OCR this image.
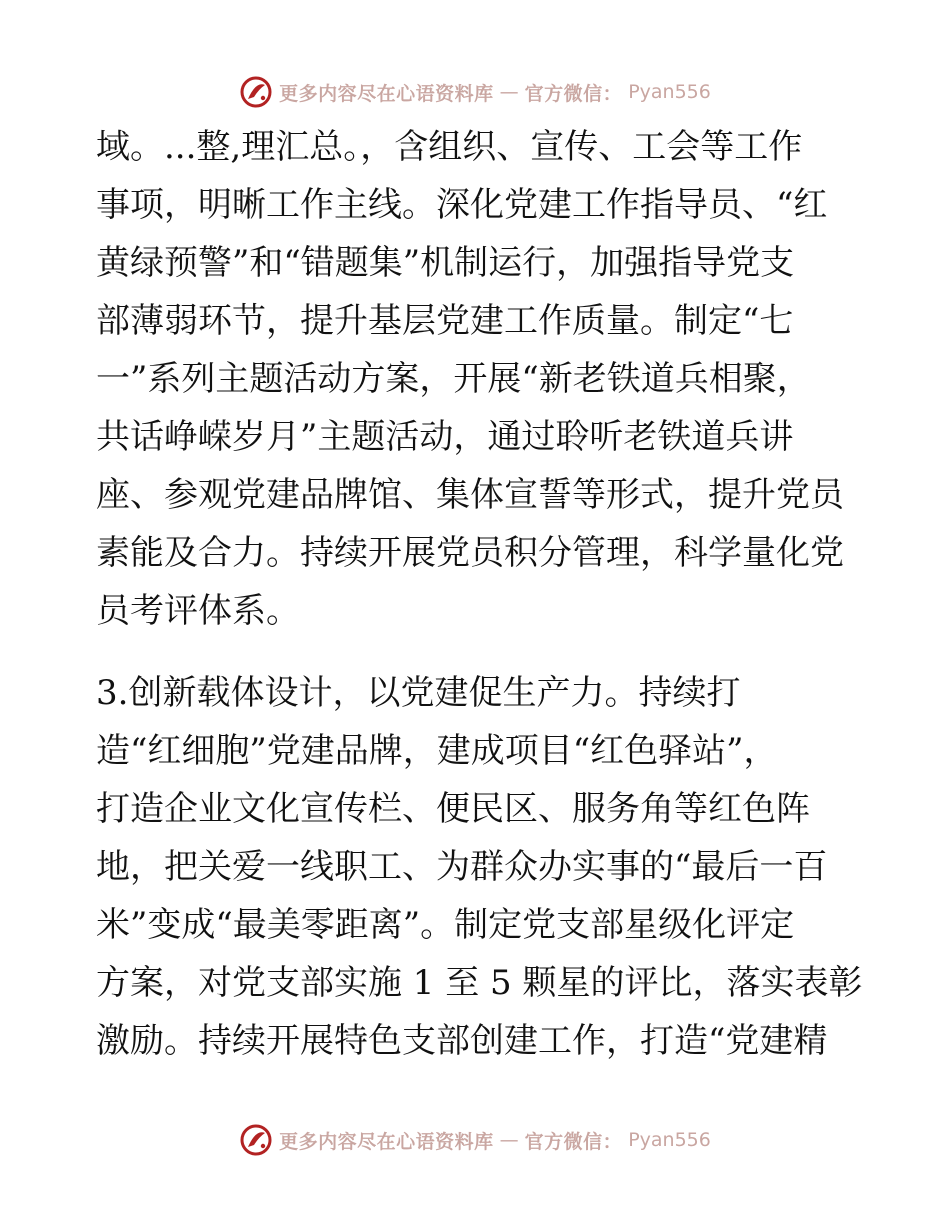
更多内容尽在心语资料库 — 官方微信： Pyan556
域。...整,理汇总。，含组织、宣传、工会等工作
事项，明晰工作主线。深化党建工作指导员、“红
黄绿预警”和“错题集”机制运行，加强指导党支
部薄弱环节，提升基层党建工作质量。制定“七
一”系列主题活动方案，开展“新老铁道兵相聚，
共话峥嵘岁月”主题活动，通过聆听老铁道兵讲
座、参观党建品牌馆、集体宣誓等形式，提升党员
素能及合力。持续开展党员积分管理，科学量化党
员考评体系。
3.创新载体设计，以党建促生产力。持续打
造“红细胞”党建品牌，建成项目“红色驿站”，
打造企业文化宣传栏、便民区、服务角等红色阵
地，把关爱一线职工、为群众办实事的“最后一百
米”变成“最美零距离”。制定党支部星级化评定
方案，对党支部实施 1 至 5 颗星的评比，落实表彰
激励。持续开展特色支部创建工作，打造“党建精
更多内容尽在心语资料库 — 官方微信： Pyan556
